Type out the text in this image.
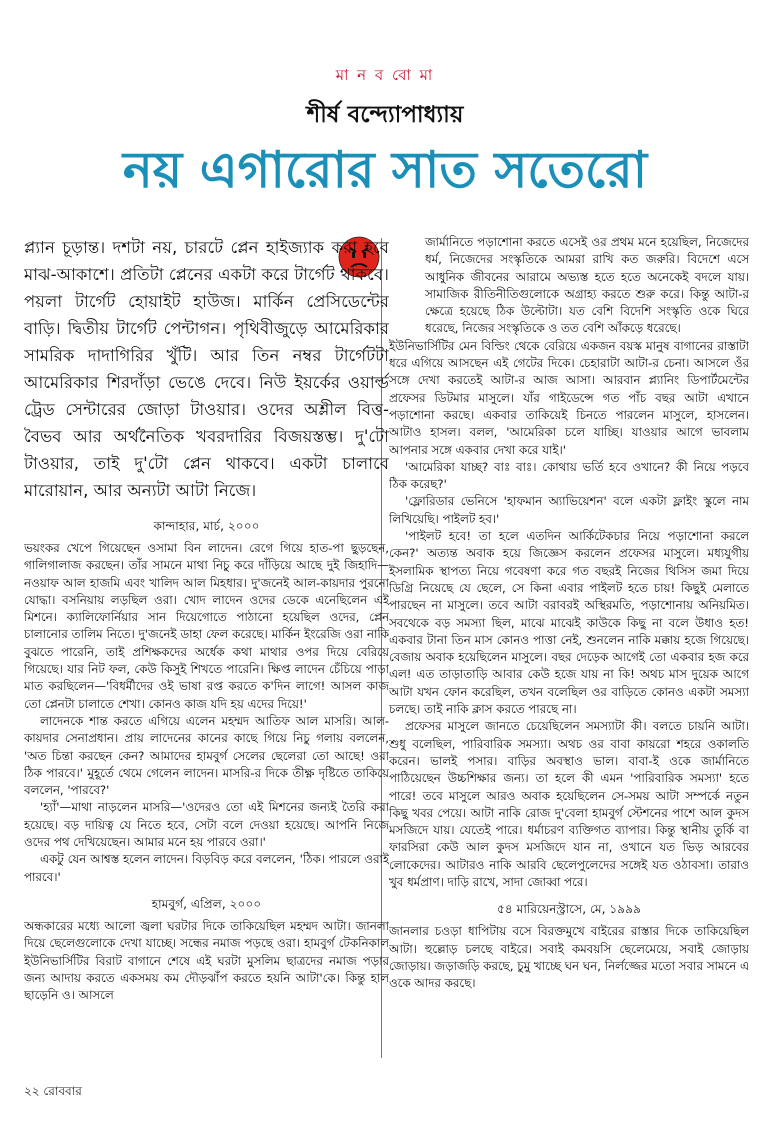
মা ন ব বো মা
শীর্ষ বন্দ্যোপাধ্যায়
নয় এগারোর সাত সতেরো

প্ল্যান চূড়ান্ত। দশটা নয়, চারটে প্লেন হাইজ্যাক করা হবে মাঝ-আকাশে। প্রতিটা প্লেনের একটা করে টার্গেট থাকবে। পয়লা টার্গেট হোয়াইট হাউজ। মার্কিন প্রেসিডেন্টের বাড়ি। দ্বিতীয় টার্গেট পেন্টাগন। পৃথিবীজুড়ে আমেরিকার সামরিক দাদাগিরির খুঁটি। আর তিন নম্বর টার্গেটটা আমেরিকার শিরদাঁড়া ভেঙে দেবে। নিউ ইয়র্কের ওয়ার্ল্ড ট্রেড সেন্টারের জোড়া টাওয়ার। ওদের অশ্লীল বিত্ত-বৈভব আর অর্থনৈতিক খবরদারির বিজয়স্তম্ভ। দু'টো টাওয়ার, তাই দু'টো প্লেন থাকবে। একটা চালাবে মারোয়ান, আর অন্যটা আটা নিজে।

কান্দাহার, মার্চ, ২০০০

ভয়ংকর খেপে গিয়েছেন ওসামা বিন লাদেন। রেগে গিয়ে হাত-পা ছুড়ছেন, গালিগালাজ করছেন। তাঁর সামনে মাথা নিচু করে দাঁড়িয়ে আছে দুই জিহাদি—নওয়াফ আল হাজমি এবং খালিদ আল মিহধার। দু'জনেই আল-কায়দার পুরনো যোদ্ধা। বসনিয়ায় লড়ছিল ওরা। খোদ লাদেন ওদের ডেকে এনেছিলেন এই মিশনে। ক্যালিফোর্নিয়ার সান দিয়েগোতে পাঠানো হয়েছিল ওদের, প্লেন চালানোর তালিম নিতে। দু'জনেই ডাহা ফেল করেছে। মার্কিন ইংরেজি ওরা নাকি বুঝতে পারেনি, তাই প্রশিক্ষকদের অর্ধেক কথা মাথার ওপর দিয়ে বেরিয়ে গিয়েছে। যার নিট ফল, কেউ কিসুই শিখতে পারেনি। ক্ষিপ্ত লাদেন চেঁচিয়ে পাড়া মাত করছিলেন—'বিধর্মীদের ওই ভাষা রপ্ত করতে ক'দিন লাগে! আসল কাজ তো প্লেনটা চালাতে শেখা। কোনও কাজ যদি হয় এদের দিয়ে!'

লাদেনকে শান্ত করতে এগিয়ে এলেন মহম্মদ আতিফ আল মাসরি। আল-কায়দার সেনাপ্রধান। প্রায় লাদেনের কানের কাছে গিয়ে নিচু গলায় বললেন, 'অত চিন্তা করছেন কেন? আমাদের হামবুর্গ সেলের ছেলেরা তো আছে! ওরা ঠিক পারবে।' মুহূর্তে থেমে গেলেন লাদেন। মাসরি-র দিকে তীক্ষ্ণ দৃষ্টিতে তাকিয়ে বললেন, 'পারবে?'

'হ্যাঁ'—মাথা নাড়লেন মাসরি—'ওদেরও তো এই মিশনের জন্যই তৈরি করা হয়েছে। বড় দায়িত্ব যে নিতে হবে, সেটা বলে দেওয়া হয়েছে। আপনি নিজে ওদের পথ দেখিয়েছেন। আমার মনে হয় পারবে ওরা।'

একটু যেন আশ্বস্ত হলেন লাদেন। বিড়বিড় করে বললেন, 'ঠিক। পারলে ওরাই পারবে।'

হামবুর্গ, এপ্রিল, ২০০০

অন্ধকারের মধ্যে আলো জ্বলা ঘরটার দিকে তাকিয়েছিল মহম্মদ আটা। জানলা দিয়ে ছেলেগুলোকে দেখা যাচ্ছে। সন্ধের নমাজ পড়ছে ওরা। হামবুর্গ টেকনিকাল ইউনিভার্সিটির বিরাট বাগানে শেষে এই ঘরটা মুসলিম ছাত্রদের নমাজ পড়ার জন্য আদায় করতে একসময় কম দৌড়ঝাঁপ করতে হয়নি আটা'কে। কিন্তু হাল ছাড়েনি ও। আসলে

জার্মানিতে পড়াশোনা করতে এসেই ওর প্রথম মনে হয়েছিল, নিজেদের ধর্ম, নিজেদের সংস্কৃতিকে আমরা রাখি কত জরুরি। বিদেশে এসে আধুনিক জীবনের আরামে অভ্যস্ত হতে হতে অনেকেই বদলে যায়। সামাজিক রীতিনীতিগুলোকে অগ্রাহ্য করতে শুরু করে। কিন্তু আটা-র ক্ষেত্রে হয়েছে ঠিক উল্টোটা। যত বেশি বিদেশি সংস্কৃতি ওকে ঘিরে ধরেছে, নিজের সংস্কৃতিকে ও তত বেশি আঁকড়ে ধরেছে।

ইউনিভার্সিটির মেন বিল্ডিং থেকে বেরিয়ে একজন বয়স্ক মানুষ বাগানের রাস্তাটা ধরে এগিয়ে আসছেন এই গেটের দিকে। চেহারাটা আটা-র চেনা। আসলে ওঁর সঙ্গে দেখা করতেই আটা-র আজ আসা। আরবান প্ল্যানিং ডিপার্টমেন্টের প্রফেসর ডিটমার মাসুলে। যাঁর গাইডেন্সে গত পাঁচ বছর আটা এখানে পড়াশোনা করছে। একবার তাকিয়েই চিনতে পারলেন মাসুলে, হাসলেন। আটাও হাসল। বলল, 'আমেরিকা চলে যাচ্ছি। যাওয়ার আগে ভাবলাম আপনার সঙ্গে একবার দেখা করে যাই।'

'আমেরিকা যাচ্ছ? বাঃ বাঃ। কোথায় ভর্তি হবে ওখানে? কী নিয়ে পড়বে ঠিক করেছ?'

'ফ্লোরিডার ভেনিসে 'হাফমান অ্যাভিয়েশন' বলে একটা ফ্লাইং স্কুলে নাম লিখিয়েছি। পাইলট হব।'

'পাইলট হবে! তা হলে এতদিন আর্কিটেকচার নিয়ে পড়াশোনা করলে কেন?' অত্যন্ত অবাক হয়ে জিজ্ঞেস করলেন প্রফেসর মাসুলে। মধ্যযুগীয় ইসলামিক স্থাপত্য নিয়ে গবেষণা করে গত বছরই নিজের থিসিস জমা দিয়ে ডিগ্রি নিয়েছে যে ছেলে, সে কিনা এবার পাইলট হতে চায়! কিছুই মেলাতে পারছেন না মাসুলে। তবে আটা বরাবরই অস্থিরমতি, পড়াশোনায় অনিয়মিত। সবথেকে বড় সমস্যা ছিল, মাঝে মাঝেই কাউকে কিছু না বলে উধাও হত! একবার টানা তিন মাস কোনও পাত্তা নেই, শুনলেন নাকি মক্কায় হজে গিয়েছে। বেজায় অবাক হয়েছিলেন মাসুলে। বছর দেড়েক আগেই তো একবার হজ করে এল! এত তাড়াতাড়ি আবার কেউ হজে যায় না কি! অথচ মাস দুয়েক আগে আটা যখন ফোন করেছিল, তখন বলেছিল ওর বাড়িতে কোনও একটা সমস্যা চলছে। তাই নাকি ক্লাস করতে পারছে না।

প্রফেসর মাসুলে জানতে চেয়েছিলেন সমস্যাটা কী। বলতে চায়নি আটা। শুধু বলেছিল, পারিবারিক সমস্যা। অথচ ওর বাবা কায়রো শহরে ওকালতি করেন। ভালই পসার। বাড়ির অবস্থাও ভাল। বাবা-ই ওকে জার্মানিতে পাঠিয়েছেন উচ্চশিক্ষার জন্য। তা হলে কী এমন 'পারিবারিক সমস্যা' হতে পারে! তবে মাসুলে আরও অবাক হয়েছিলেন সে-সময় আটা সম্পর্কে নতুন কিছু খবর পেয়ে। আটা নাকি রোজ দু'বেলা হামবুর্গ স্টেশনের পাশে আল কুদস মসজিদে যায়। যেতেই পারে। ধর্মাচরণ ব্যক্তিগত ব্যাপার। কিন্তু স্থানীয় তুর্কি বা ফারসিরা কেউ আল কুদস মসজিদে যান না, ওখানে যত ভিড় আরবের লোকেদের। আটারও নাকি আরবি ছেলেপুলেদের সঙ্গেই যত ওঠাবসা। তারাও খুব ধর্মপ্রাণ। দাড়ি রাখে, সাদা জোব্বা পরে।

৫৪ মারিয়েনস্ট্রাসে, মে, ১৯৯৯

জানলার চওড়া ধাপিটায় বসে বিরক্তমুখে বাইরের রাস্তার দিকে তাকিয়েছিল আটা। হুল্লোড় চলছে বাইরে। সবাই কমবয়সি ছেলেমেয়ে, সবাই জোড়ায় জোড়ায়। জড়াজড়ি করছে, চুমু খাচ্ছে ঘন ঘন, নির্লজ্জের মতো সবার সামনে এ ওকে আদর করছে।

২২ রোববার
